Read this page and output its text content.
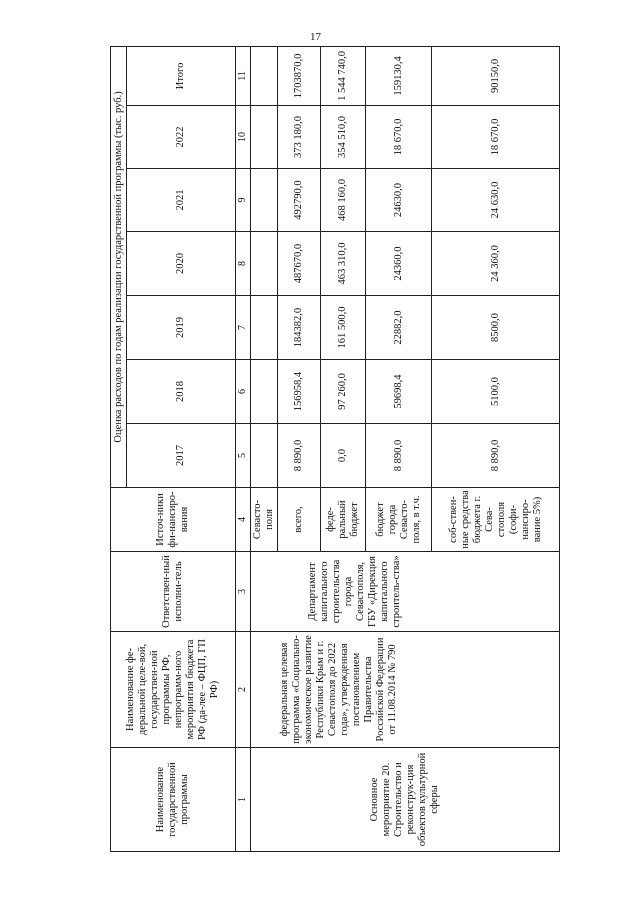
17
Наименование государственной программы	Наименование фе-деральной целе-вой, государствен-ной программы РФ, непрограмм-ного мероприятия бюджета РФ (да-лее – ФЦП, ГП РФ)	Ответствен-ный исполни-тель	Источ-ники фи-нансиро-вания	Оценка расходов по годам реализации государственной программы (тыс. руб.)						
				2017	2018	2019	2020	2021	2022	Итого
1	2	3	4	5	6	7	8	9	10	11
Основное мероприятие 20. Строительство и реконструк-ция объектов культурной сферы	федеральная целевая программа «Социально-экономическое развитие Республики Крым и г. Севастополя до 2022 года», утвержденная постановлением Правительства Российской Федерации от 11.08.2014 № 790	Департамент капитального строительства города Севастополя, ГБУ «Дирекция капитального строитель-ства»	Севасто-поля							
			всего,	8 890,0	156958,4	184382,0	487670,0	492790,0	373 180,0	1703870,0
			феде-ральный бюджет	0,0	97 260,0	161 500,0	463 310,0	468 160,0	354 510,0	1 544 740,0
			бюджет города Севасто-поля, в т.ч.	8 890,0	59698,4	22882,0	24360,0	24630,0	18 670,0	159130,4
			соб-ствен-ные средства бюджета г. Сева-стополя (софи-нансиро-вание 5%)	8 890,0	5100,0	8500,0	24 360,0	24 630,0	18 670,0	90150,0
